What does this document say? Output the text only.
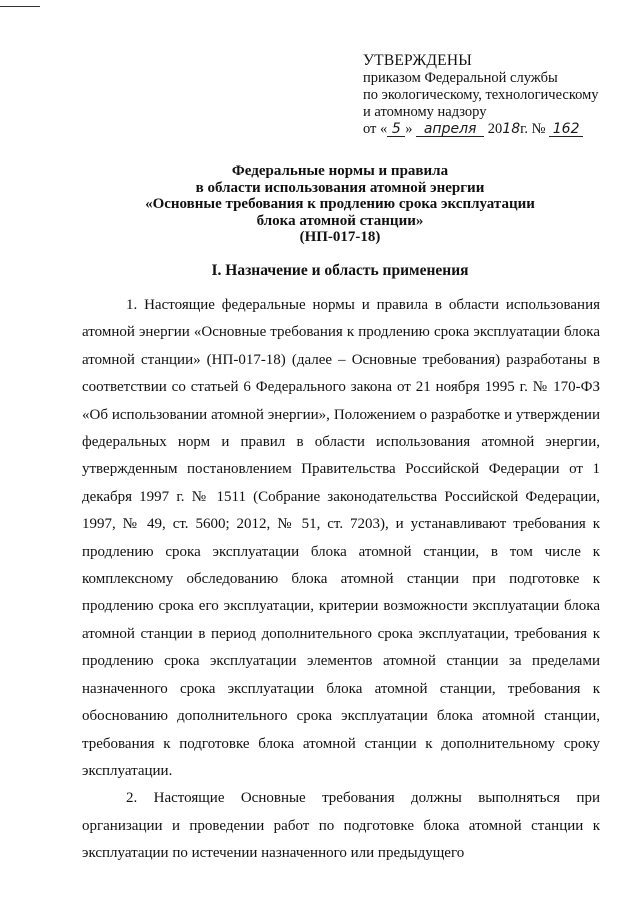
УТВЕРЖДЕНЫ
приказом Федеральной службы
по экологическому, технологическому
и атомному надзору
от « 5 » апреля 2018г. № 162
Федеральные нормы и правила
в области использования атомной энергии
«Основные требования к продлению срока эксплуатации
блока атомной станции»
(НП-017-18)
I. Назначение и область применения

1. Настоящие федеральные нормы и правила в области использования атомной энергии «Основные требования к продлению срока эксплуатации блока атомной станции» (НП-017-18) (далее – Основные требования) разработаны в соответствии со статьей 6 Федерального закона от 21 ноября 1995 г. № 170-ФЗ «Об использовании атомной энергии», Положением о разработке и утверждении федеральных норм и правил в области использования атомной энергии, утвержденным постановлением Правительства Российской Федерации от 1 декабря 1997 г. № 1511 (Собрание законодательства Российской Федерации, 1997, № 49, ст. 5600; 2012, № 51, ст. 7203), и устанавливают требования к продлению срока эксплуатации блока атомной станции, в том числе к комплексному обследованию блока атомной станции при подготовке к продлению срока его эксплуатации, критерии возможности эксплуатации блока атомной станции в период дополнительного срока эксплуатации, требования к продлению срока эксплуатации элементов атомной станции за пределами назначенного срока эксплуатации блока атомной станции, требования к обоснованию дополнительного срока эксплуатации блока атомной станции, требования к подготовке блока атомной станции к дополнительному сроку эксплуатации.

2. Настоящие Основные требования должны выполняться при организации и проведении работ по подготовке блока атомной станции к эксплуатации по истечении назначенного или предыдущего
